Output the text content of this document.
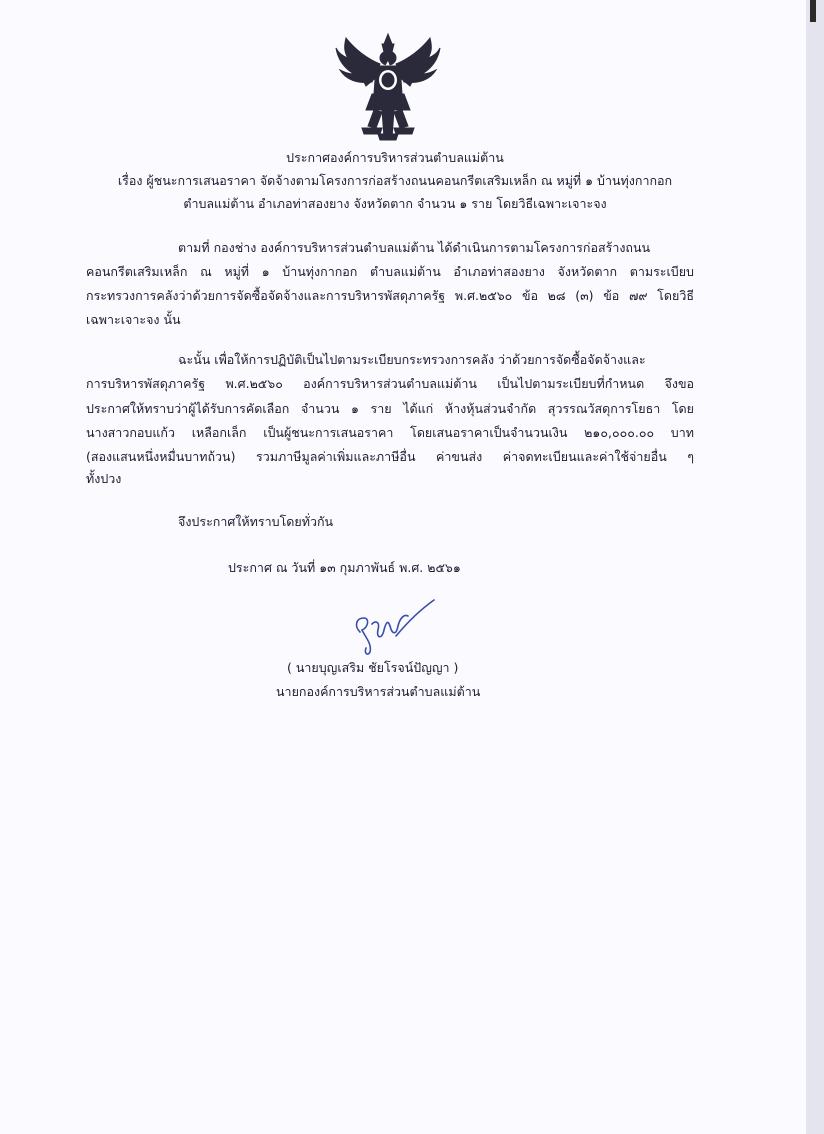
ประกาศองค์การบริหารส่วนตำบลแม่ต้าน
เรื่อง ผู้ชนะการเสนอราคา จัดจ้างตามโครงการก่อสร้างถนนคอนกรีตเสริมเหล็ก ณ หมู่ที่ ๑ บ้านทุ่งกากอก
ตำบลแม่ต้าน อำเภอท่าสองยาง จังหวัดตาก จำนวน ๑ ราย โดยวิธีเฉพาะเจาะจง
ตามที่ กองช่าง องค์การบริหารส่วนตำบลแม่ต้าน ได้ดำเนินการตามโครงการก่อสร้างถนน
คอนกรีตเสริมเหล็ก ณ หมู่ที่ ๑ บ้านทุ่งกากอก ตำบลแม่ต้าน อำเภอท่าสองยาง จังหวัดตาก ตามระเบียบ
กระทรวงการคลังว่าด้วยการจัดซื้อจัดจ้างและการบริหารพัสดุภาครัฐ พ.ศ.๒๕๖๐ ข้อ ๒๘ (๓) ข้อ ๗๙ โดยวิธี
เฉพาะเจาะจง นั้น
ฉะนั้น เพื่อให้การปฏิบัติเป็นไปตามระเบียบกระทรวงการคลัง ว่าด้วยการจัดซื้อจัดจ้างและ
การบริหารพัสดุภาครัฐ พ.ศ.๒๕๖๐ องค์การบริหารส่วนตำบลแม่ต้าน เป็นไปตามระเบียบที่กำหนด จึงขอ
ประกาศให้ทราบว่าผู้ได้รับการคัดเลือก จำนวน ๑ ราย ได้แก่ ห้างหุ้นส่วนจำกัด สุวรรณวัสดุการโยธา โดย
นางสาวกอบแก้ว เหลือกเล็ก เป็นผู้ชนะการเสนอราคา โดยเสนอราคาเป็นจำนวนเงิน ๒๑๐,๐๐๐.๐๐ บาท
(สองแสนหนึ่งหมื่นบาทถ้วน) รวมภาษีมูลค่าเพิ่มและภาษีอื่น ค่าขนส่ง ค่าจดทะเบียนและค่าใช้จ่ายอื่น ๆ
ทั้งปวง
จึงประกาศให้ทราบโดยทั่วกัน
ประกาศ ณ วันที่ ๑๓ กุมภาพันธ์ พ.ศ. ๒๕๖๑
( นายบุญเสริม ชัยโรจน์ปัญญา )
นายกองค์การบริหารส่วนตำบลแม่ต้าน
